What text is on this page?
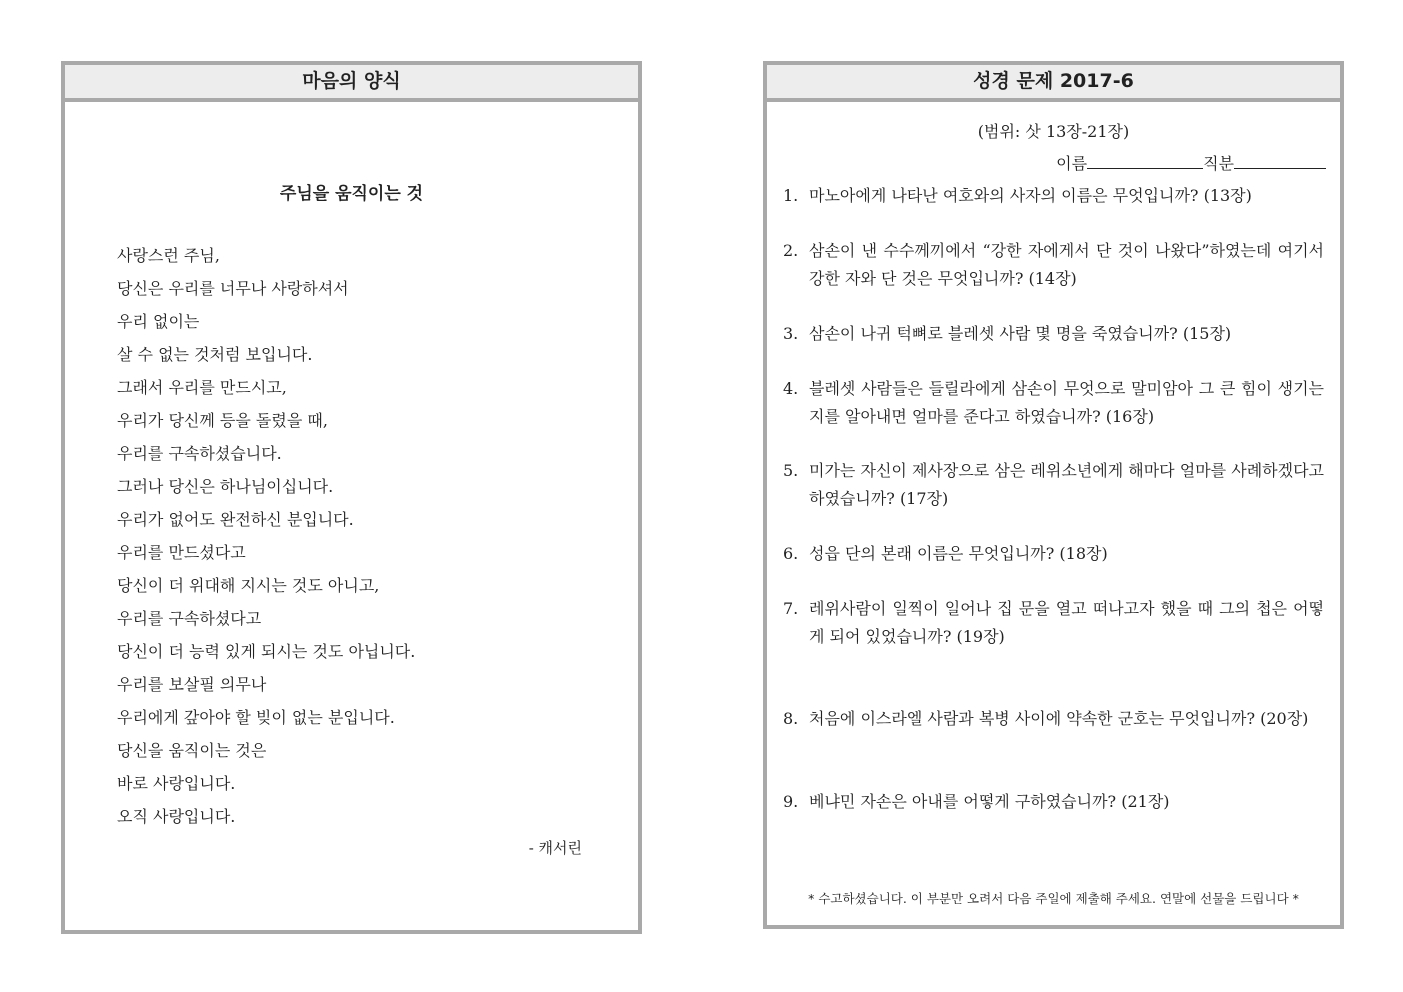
마음의 양식
주님을 움직이는 것
사랑스런 주님,
당신은 우리를 너무나 사랑하셔서
우리 없이는
살 수 없는 것처럼 보입니다.
그래서 우리를 만드시고,
우리가 당신께 등을 돌렸을 때,
우리를 구속하셨습니다.
그러나 당신은 하나님이십니다.
우리가 없어도 완전하신 분입니다.
우리를 만드셨다고
당신이 더 위대해 지시는 것도 아니고,
우리를 구속하셨다고
당신이 더 능력 있게 되시는 것도 아닙니다.
우리를 보살필 의무나
우리에게 갚아야 할 빚이 없는 분입니다.
당신을 움직이는 것은
바로 사랑입니다.
오직 사랑입니다.
- 캐서린
성경 문제 2017-6
(범위: 삿 13장-21장)
이름	직분
1. 마노아에게 나타난 여호와의 사자의 이름은 무엇입니까? (13장)
2. 삼손이 낸 수수께끼에서 “강한 자에게서 단 것이 나왔다”하였는데 여기서 강한 자와 단 것은 무엇입니까? (14장)
3. 삼손이 나귀 턱뼈로 블레셋 사람 몇 명을 죽였습니까? (15장)
4. 블레셋 사람들은 들릴라에게 삼손이 무엇으로 말미암아 그 큰 힘이 생기는지를 알아내면 얼마를 준다고 하였습니까? (16장)
5. 미가는 자신이 제사장으로 삼은 레위소년에게 해마다 얼마를 사례하겠다고 하였습니까? (17장)
6. 성읍 단의 본래 이름은 무엇입니까? (18장)
7. 레위사람이 일찍이 일어나 집 문을 열고 떠나고자 했을 때 그의 첩은 어떻게 되어 있었습니까? (19장)
8. 처음에 이스라엘 사람과 복병 사이에 약속한 군호는 무엇입니까? (20장)
9. 베냐민 자손은 아내를 어떻게 구하였습니까? (21장)
* 수고하셨습니다. 이 부분만 오려서 다음 주일에 제출해 주세요. 연말에 선물을 드립니다 *
